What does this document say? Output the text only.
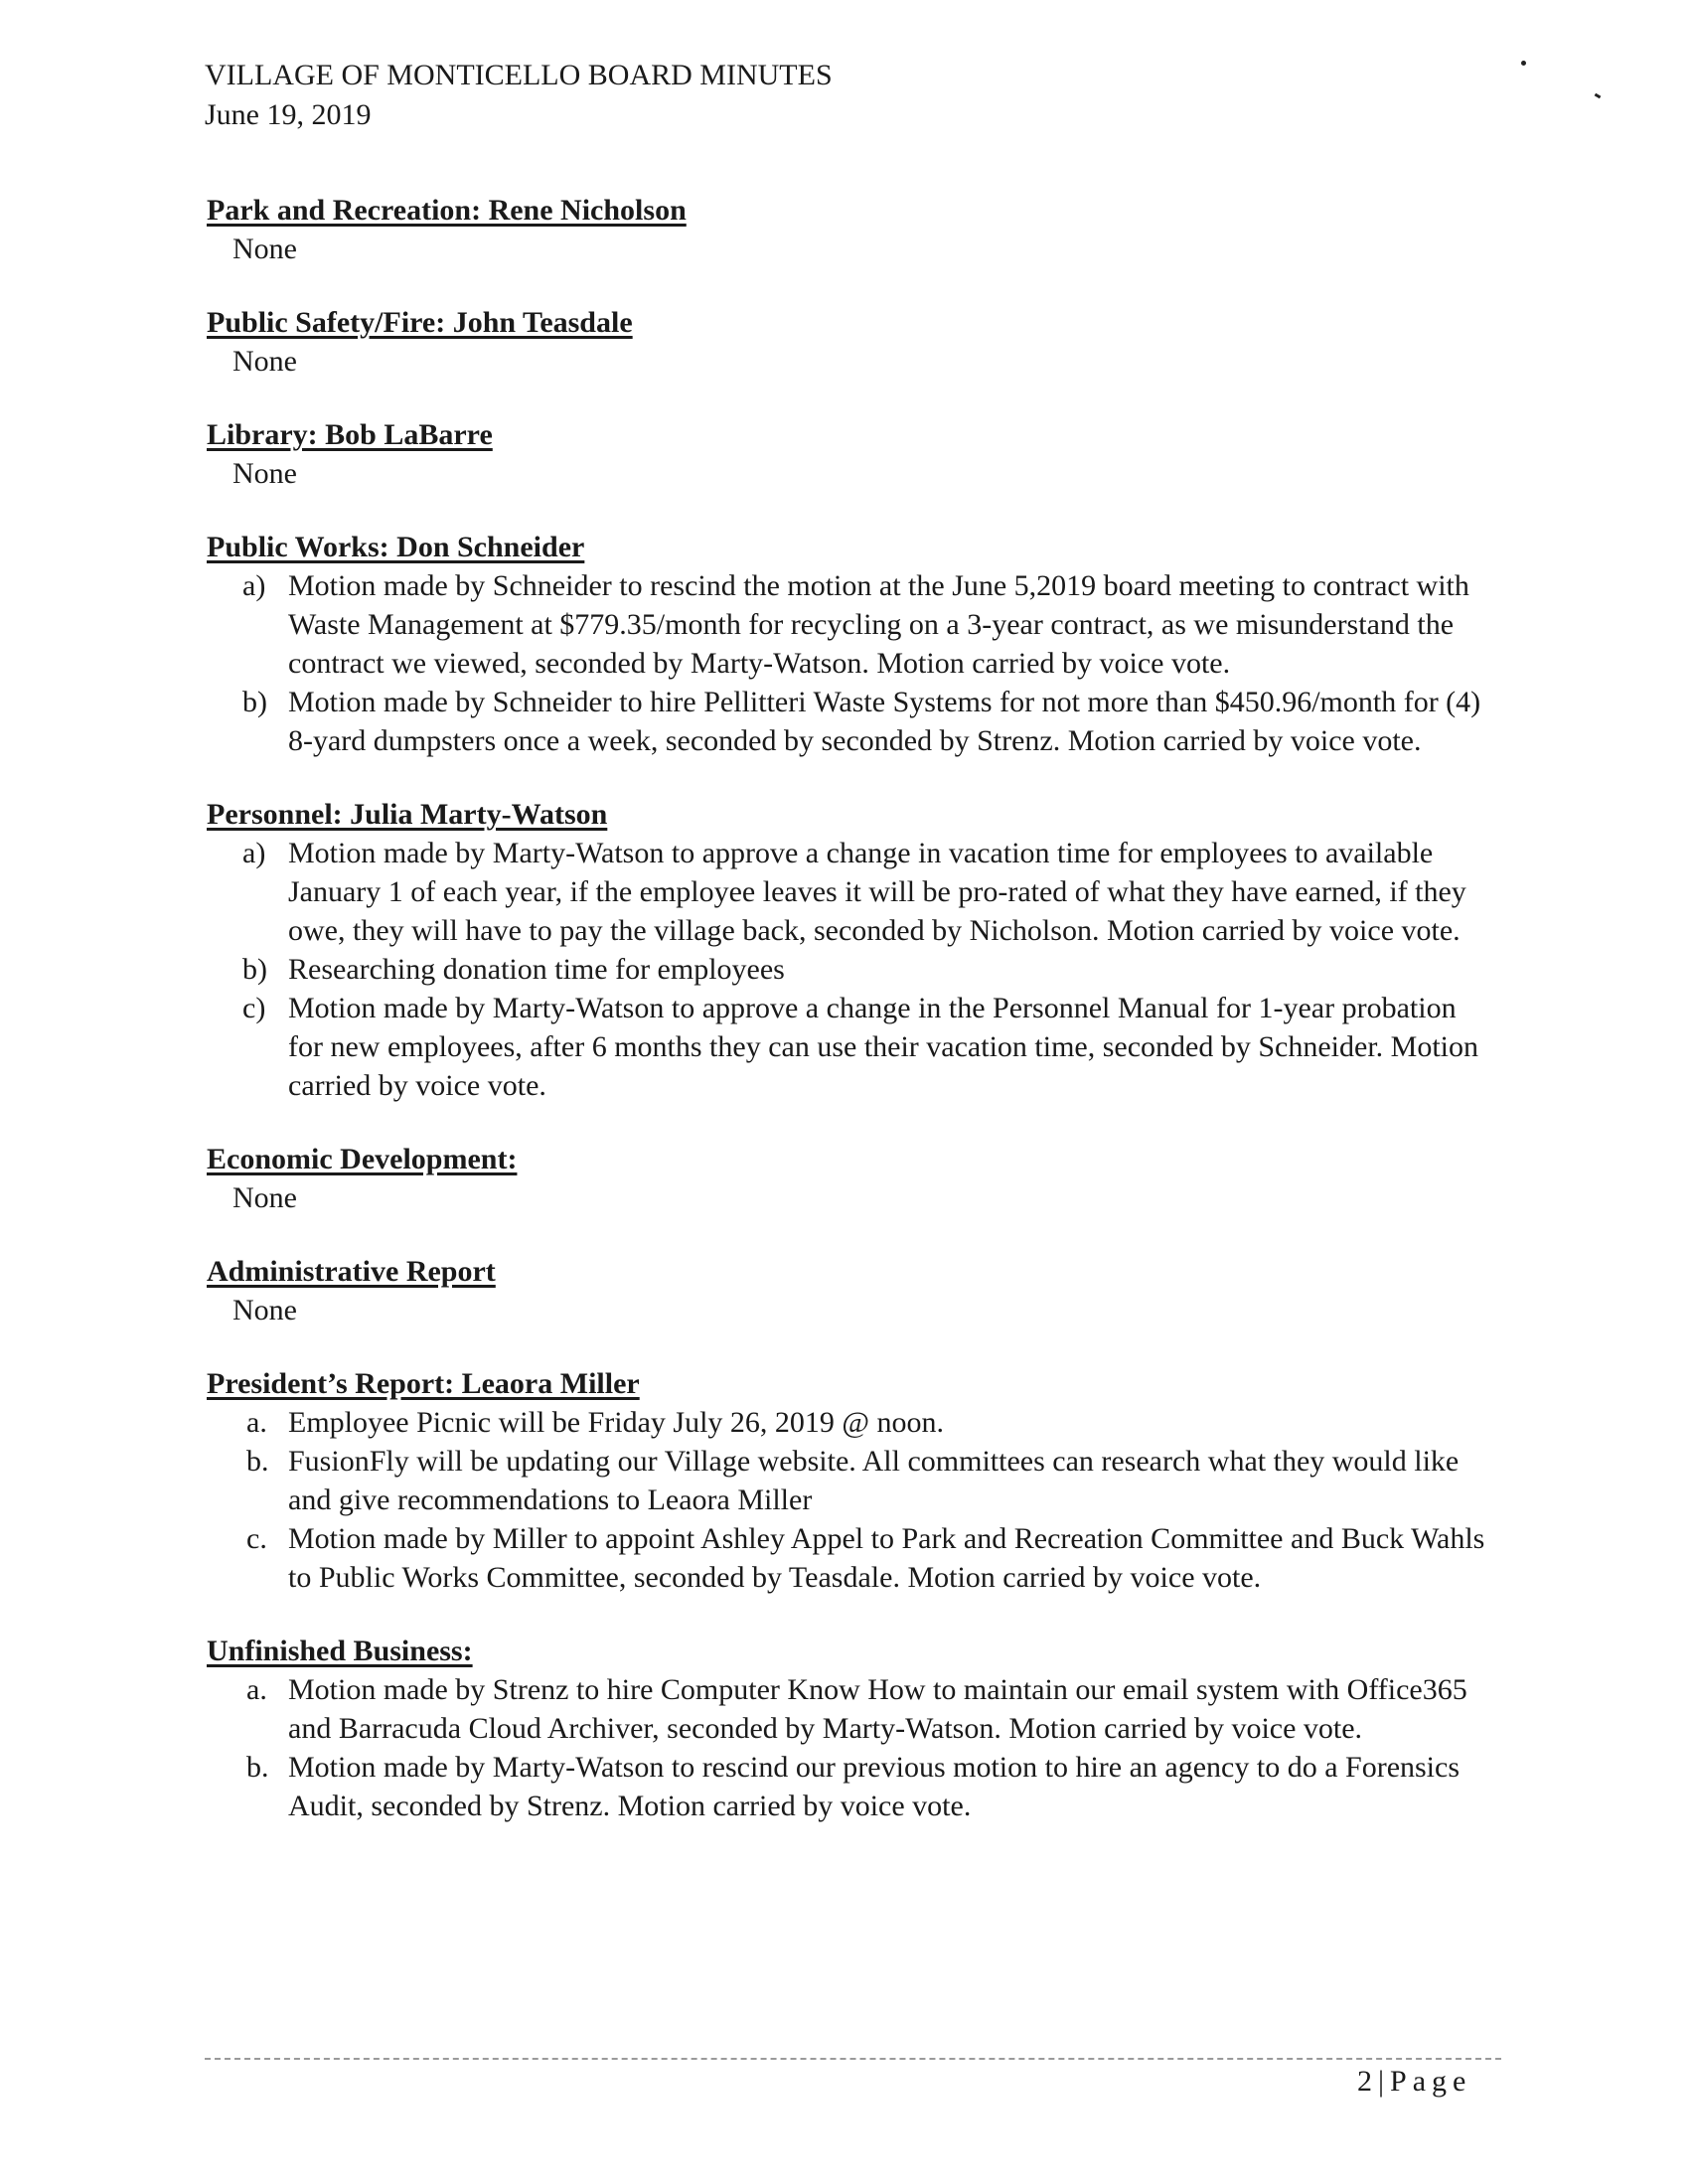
VILLAGE OF MONTICELLO BOARD MINUTES
June 19, 2019
Park and Recreation: Rene Nicholson
None
Public Safety/Fire: John Teasdale
None
Library: Bob LaBarre
None
Public Works: Don Schneider
a) Motion made by Schneider to rescind the motion at the June 5,2019 board meeting to contract with Waste Management at $779.35/month for recycling on a 3-year contract, as we misunderstand the contract we viewed, seconded by Marty-Watson. Motion carried by voice vote.
b) Motion made by Schneider to hire Pellitteri Waste Systems for not more than $450.96/month for (4) 8-yard dumpsters once a week, seconded by seconded by Strenz. Motion carried by voice vote.
Personnel: Julia Marty-Watson
a) Motion made by Marty-Watson to approve a change in vacation time for employees to available January 1 of each year, if the employee leaves it will be pro-rated of what they have earned, if they owe, they will have to pay the village back, seconded by Nicholson. Motion carried by voice vote.
b) Researching donation time for employees
c) Motion made by Marty-Watson to approve a change in the Personnel Manual for 1-year probation for new employees, after 6 months they can use their vacation time, seconded by Schneider. Motion carried by voice vote.
Economic Development:
None
Administrative Report
None
President’s Report: Leaora Miller
a. Employee Picnic will be Friday July 26, 2019 @ noon.
b. FusionFly will be updating our Village website. All committees can research what they would like and give recommendations to Leaora Miller
c. Motion made by Miller to appoint Ashley Appel to Park and Recreation Committee and Buck Wahls to Public Works Committee, seconded by Teasdale. Motion carried by voice vote.
Unfinished Business:
a. Motion made by Strenz to hire Computer Know How to maintain our email system with Office365 and Barracuda Cloud Archiver, seconded by Marty-Watson. Motion carried by voice vote.
b. Motion made by Marty-Watson to rescind our previous motion to hire an agency to do a Forensics Audit, seconded by Strenz. Motion carried by voice vote.
2|Page
